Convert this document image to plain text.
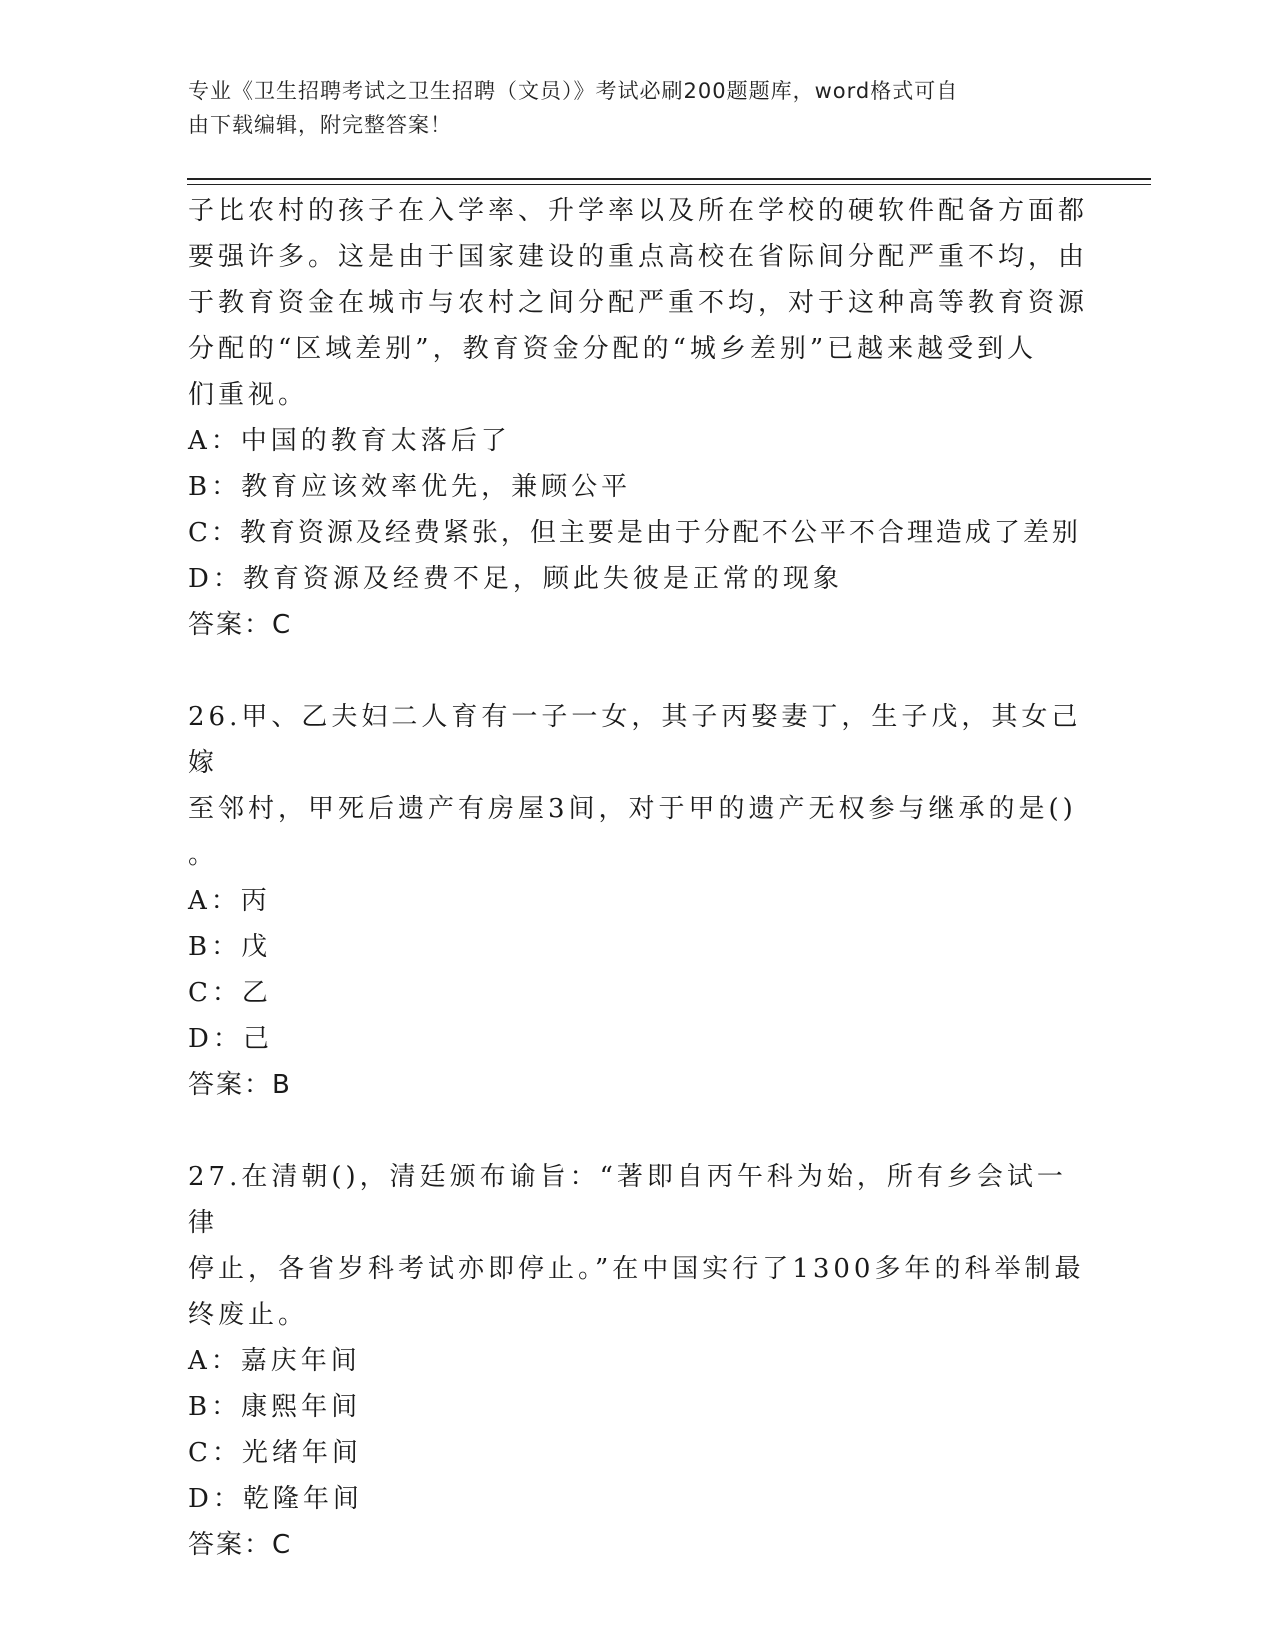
专业《卫生招聘考试之卫生招聘（文员）》考试必刷200题题库，word格式可自
由下载编辑，附完整答案！

子比农村的孩子在入学率、升学率以及所在学校的硬软件配备方面都

要强许多。这是由于国家建设的重点高校在省际间分配严重不均，由

于教育资金在城市与农村之间分配严重不均，对于这种高等教育资源

分配的“区域差别”，教育资金分配的“城乡差别”已越来越受到人

们重视。

A：中国的教育太落后了

B：教育应该效率优先，兼顾公平

C：教育资源及经费紧张，但主要是由于分配不公平不合理造成了差别

D：教育资源及经费不足，顾此失彼是正常的现象

答案：C

26.甲、乙夫妇二人育有一子一女，其子丙娶妻丁，生子戊，其女己嫁

至邻村，甲死后遗产有房屋3间，对于甲的遗产无权参与继承的是()

。

A：丙

B：戊

C：乙

D：己

答案：B

27.在清朝()，清廷颁布谕旨：“著即自丙午科为始，所有乡会试一律

停止，各省岁科考试亦即停止。”在中国实行了1300多年的科举制最

终废止。

A：嘉庆年间

B：康熙年间

C：光绪年间

D：乾隆年间

答案：C
